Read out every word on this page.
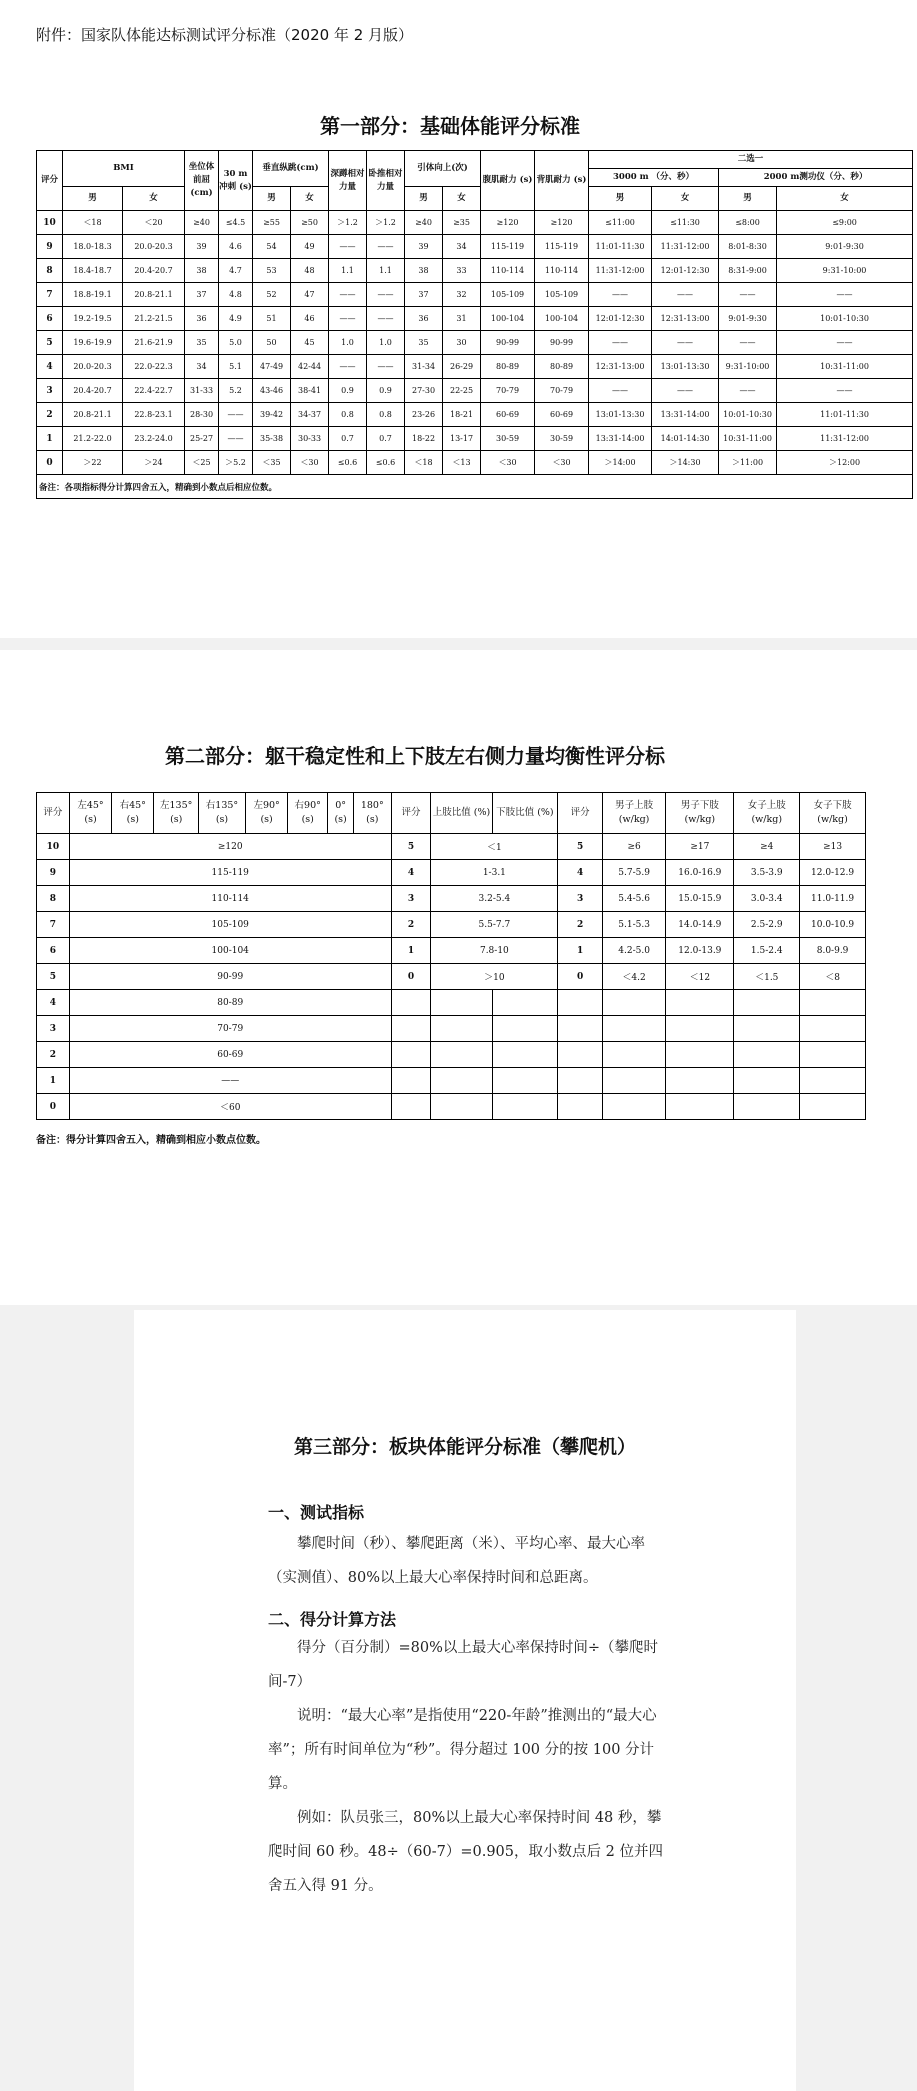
附件：国家队体能达标测试评分标准（2020 年 2 月版）
第一部分：基础体能评分标准
评分	BMI		坐位体前屈 (cm)	30 m 冲刺 (s)	垂直纵跳(cm)		深蹲相对力量	卧推相对力量	引体向上(次)		腹肌耐力 (s)	背肌耐力 (s)	二选一			
													3000 m （分、秒）		2000 m测功仪（分、秒）	
	男	女			男	女			男	女			男	女	男	女
10	＜18	＜20	≥40	≤4.5	≥55	≥50	＞1.2	＞1.2	≥40	≥35	≥120	≥120	≤11:00	≤11:30	≤8:00	≤9:00
9	18.0-18.3	20.0-20.3	39	4.6	54	49	——	——	39	34	115-119	115-119	11:01-11:30	11:31-12:00	8:01-8:30	9:01-9:30
8	18.4-18.7	20.4-20.7	38	4.7	53	48	1.1	1.1	38	33	110-114	110-114	11:31-12:00	12:01-12:30	8:31-9:00	9:31-10:00
7	18.8-19.1	20.8-21.1	37	4.8	52	47	——	——	37	32	105-109	105-109	——	——	——	——
6	19.2-19.5	21.2-21.5	36	4.9	51	46	——	——	36	31	100-104	100-104	12:01-12:30	12:31-13:00	9:01-9:30	10:01-10:30
5	19.6-19.9	21.6-21.9	35	5.0	50	45	1.0	1.0	35	30	90-99	90-99	——	——	——	——
4	20.0-20.3	22.0-22.3	34	5.1	47-49	42-44	——	——	31-34	26-29	80-89	80-89	12:31-13:00	13:01-13:30	9:31-10:00	10:31-11:00
3	20.4-20.7	22.4-22.7	31-33	5.2	43-46	38-41	0.9	0.9	27-30	22-25	70-79	70-79	——	——	——	——
2	20.8-21.1	22.8-23.1	28-30	——	39-42	34-37	0.8	0.8	23-26	18-21	60-69	60-69	13:01-13:30	13:31-14:00	10:01-10:30	11:01-11:30
1	21.2-22.0	23.2-24.0	25-27	——	35-38	30-33	0.7	0.7	18-22	13-17	30-59	30-59	13:31-14:00	14:01-14:30	10:31-11:00	11:31-12:00
0	＞22	＞24	＜25	＞5.2	＜35	＜30	≤0.6	≤0.6	＜18	＜13	＜30	＜30	＞14:00	＞14:30	＞11:00	＞12:00
备注：各项指标得分计算四舍五入，精确到小数点后相应位数。																
第二部分：躯干稳定性和上下肢左右侧力量均衡性评分标
评分	左45° (s)	右45° (s)	左135° (s)	右135° (s)	左90° (s)	右90° (s)	0° (s)	180° (s)	评分	上肢比值 (%)	下肢比值 (%)	评分	男子上肢 (w/kg)	男子下肢 (w/kg)	女子上肢 (w/kg)	女子下肢 (w/kg)
10	≥120								5	＜1		5	≥6	≥17	≥4	≥13
9	115-119								4	1-3.1		4	5.7-5.9	16.0-16.9	3.5-3.9	12.0-12.9
8	110-114								3	3.2-5.4		3	5.4-5.6	15.0-15.9	3.0-3.4	11.0-11.9
7	105-109								2	5.5-7.7		2	5.1-5.3	14.0-14.9	2.5-2.9	10.0-10.9
6	100-104								1	7.8-10		1	4.2-5.0	12.0-13.9	1.5-2.4	8.0-9.9
5	90-99								0	＞10		0	＜4.2	＜12	＜1.5	＜8
4	80-89															
3	70-79															
2	60-69															
1	——															
0	＜60															
备注：得分计算四舍五入，精确到相应小数点位数。
第三部分：板块体能评分标准（攀爬机）
一、测试指标
攀爬时间（秒）、攀爬距离（米）、平均心率、最大心率（实测值）、80%以上最大心率保持时间和总距离。
二、得分计算方法
得分（百分制）=80%以上最大心率保持时间÷（攀爬时间-7）
说明：“最大心率”是指使用“220-年龄”推测出的“最大心率”；所有时间单位为“秒”。得分超过 100 分的按 100 分计算。
例如：队员张三，80%以上最大心率保持时间 48 秒，攀爬时间 60 秒。48÷（60-7）=0.905，取小数点后 2 位并四舍五入得 91 分。
